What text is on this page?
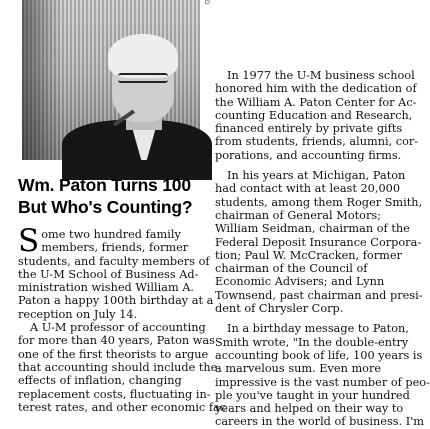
D
Wm. Paton Turns 100
But Who's Counting?
S ome two hundred family
members, friends, former
students, and faculty members of
the U-M School of Business Ad-
ministration wished William A.
Paton a happy 100th birthday at a
reception on July 14.
A U-M professor of accounting
for more than 40 years, Paton was
one of the first theorists to argue
that accounting should include the
effects of inflation, changing
replacement costs, fluctuating in-
terest rates, and other economic fac
In 1977 the U-M business school
honored him with the dedication of
the William A. Paton Center for Ac-
counting Education and Research,
financed entirely by private gifts
from students, friends, alumni, cor-
porations, and accounting firms.
In his years at Michigan, Paton
had contact with at least 20,000
students, among them Roger Smith,
chairman of General Motors;
William Seidman, chairman of the
Federal Deposit Insurance Corpora-
tion; Paul W. McCracken, former
chairman of the Council of
Economic Advisers; and Lynn
Townsend, past chairman and presi-
dent of Chrysler Corp.
In a birthday message to Paton,
Smith wrote, "In the double-entry
accounting book of life, 100 years is
a marvelous sum. Even more
impressive is the vast number of peo-
ple you've taught in your hundred
years and helped on their way to
careers in the world of business. I'm
